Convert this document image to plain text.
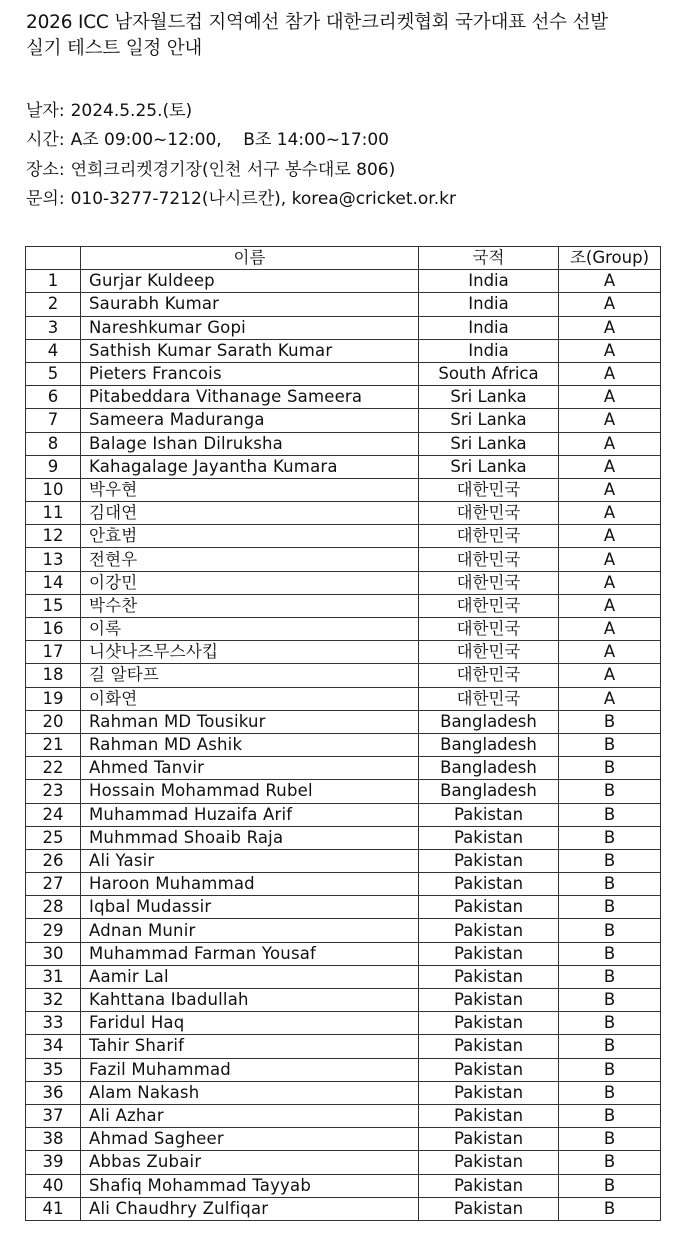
2026 ICC 남자월드컵 지역예선 참가 대한크리켓협회 국가대표 선수 선발
실기 테스트 일정 안내
날자: 2024.5.25.(토)
시간: A조 09:00~12:00,    B조 14:00~17:00
장소: 연희크리켓경기장(인천 서구 봉수대로 806)
문의: 010-3277-7212(나시르칸), korea@cricket.or.kr
	이름	국적	조(Group)
1	Gurjar Kuldeep	India	A
2	Saurabh Kumar	India	A
3	Nareshkumar Gopi	India	A
4	Sathish Kumar Sarath Kumar	India	A
5	Pieters Francois	South Africa	A
6	Pitabeddara Vithanage Sameera	Sri Lanka	A
7	Sameera Maduranga	Sri Lanka	A
8	Balage Ishan Dilruksha	Sri Lanka	A
9	Kahagalage Jayantha Kumara	Sri Lanka	A
10	박우현	대한민국	A
11	김대연	대한민국	A
12	안효범	대한민국	A
13	전현우	대한민국	A
14	이강민	대한민국	A
15	박수찬	대한민국	A
16	이록	대한민국	A
17	니샷나즈무스사킵	대한민국	A
18	길 알타프	대한민국	A
19	이화연	대한민국	A
20	Rahman MD Tousikur	Bangladesh	B
21	Rahman MD Ashik	Bangladesh	B
22	Ahmed Tanvir	Bangladesh	B
23	Hossain Mohammad Rubel	Bangladesh	B
24	Muhammad Huzaifa Arif	Pakistan	B
25	Muhmmad Shoaib Raja	Pakistan	B
26	Ali Yasir	Pakistan	B
27	Haroon Muhammad	Pakistan	B
28	Iqbal Mudassir	Pakistan	B
29	Adnan Munir	Pakistan	B
30	Muhammad Farman Yousaf	Pakistan	B
31	Aamir Lal	Pakistan	B
32	Kahttana Ibadullah	Pakistan	B
33	Faridul Haq	Pakistan	B
34	Tahir Sharif	Pakistan	B
35	Fazil Muhammad	Pakistan	B
36	Alam Nakash	Pakistan	B
37	Ali Azhar	Pakistan	B
38	Ahmad Sagheer	Pakistan	B
39	Abbas Zubair	Pakistan	B
40	Shafiq Mohammad Tayyab	Pakistan	B
41	Ali Chaudhry Zulfiqar	Pakistan	B
